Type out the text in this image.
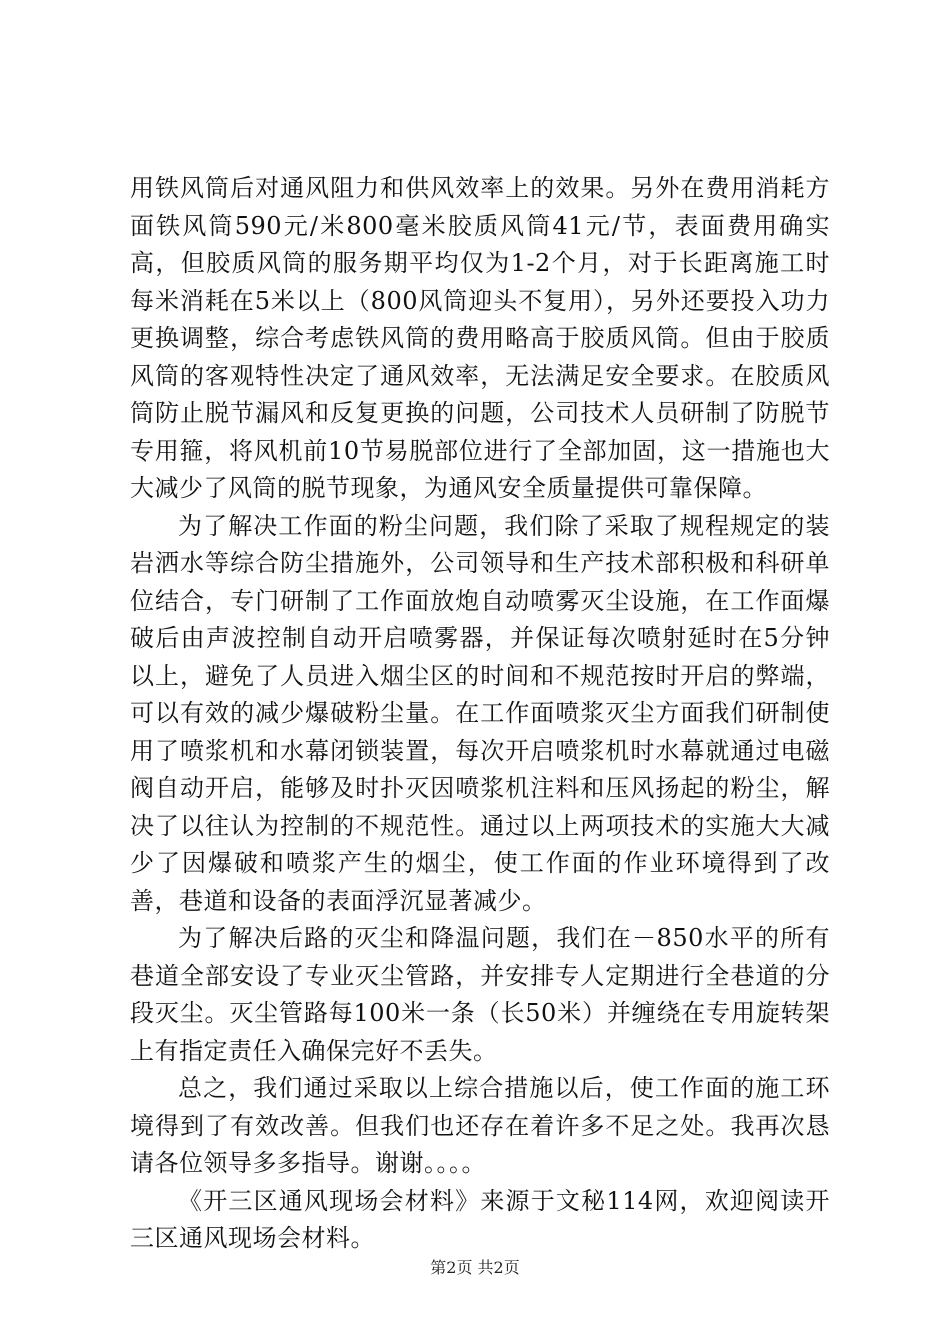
用铁风筒后对通风阻力和供风效率上的效果。另外在费用消耗方面铁风筒590元/米800毫米胶质风筒41元/节，表面费用确实高，但胶质风筒的服务期平均仅为1-2个月，对于长距离施工时每米消耗在5米以上（800风筒迎头不复用），另外还要投入功力更换调整，综合考虑铁风筒的费用略高于胶质风筒。但由于胶质风筒的客观特性决定了通风效率，无法满足安全要求。在胶质风筒防止脱节漏风和反复更换的问题，公司技术人员研制了防脱节专用箍，将风机前10节易脱部位进行了全部加固，这一措施也大大减少了风筒的脱节现象，为通风安全质量提供可靠保障。

为了解决工作面的粉尘问题，我们除了采取了规程规定的装岩洒水等综合防尘措施外，公司领导和生产技术部积极和科研单位结合，专门研制了工作面放炮自动喷雾灭尘设施，在工作面爆破后由声波控制自动开启喷雾器，并保证每次喷射延时在5分钟以上，避免了人员进入烟尘区的时间和不规范按时开启的弊端，可以有效的减少爆破粉尘量。在工作面喷浆灭尘方面我们研制使用了喷浆机和水幕闭锁装置，每次开启喷浆机时水幕就通过电磁阀自动开启，能够及时扑灭因喷浆机注料和压风扬起的粉尘，解决了以往认为控制的不规范性。通过以上两项技术的实施大大减少了因爆破和喷浆产生的烟尘，使工作面的作业环境得到了改善，巷道和设备的表面浮沉显著减少。

为了解决后路的灭尘和降温问题，我们在－850水平的所有巷道全部安设了专业灭尘管路，并安排专人定期进行全巷道的分段灭尘。灭尘管路每100米一条（长50米）并缠绕在专用旋转架上有指定责任入确保完好不丢失。

总之，我们通过采取以上综合措施以后，使工作面的施工环境得到了有效改善。但我们也还存在着许多不足之处。我再次恳请各位领导多多指导。谢谢。。。。

《开三区通风现场会材料》来源于文秘114网，欢迎阅读开三区通风现场会材料。

第2页 共2页
